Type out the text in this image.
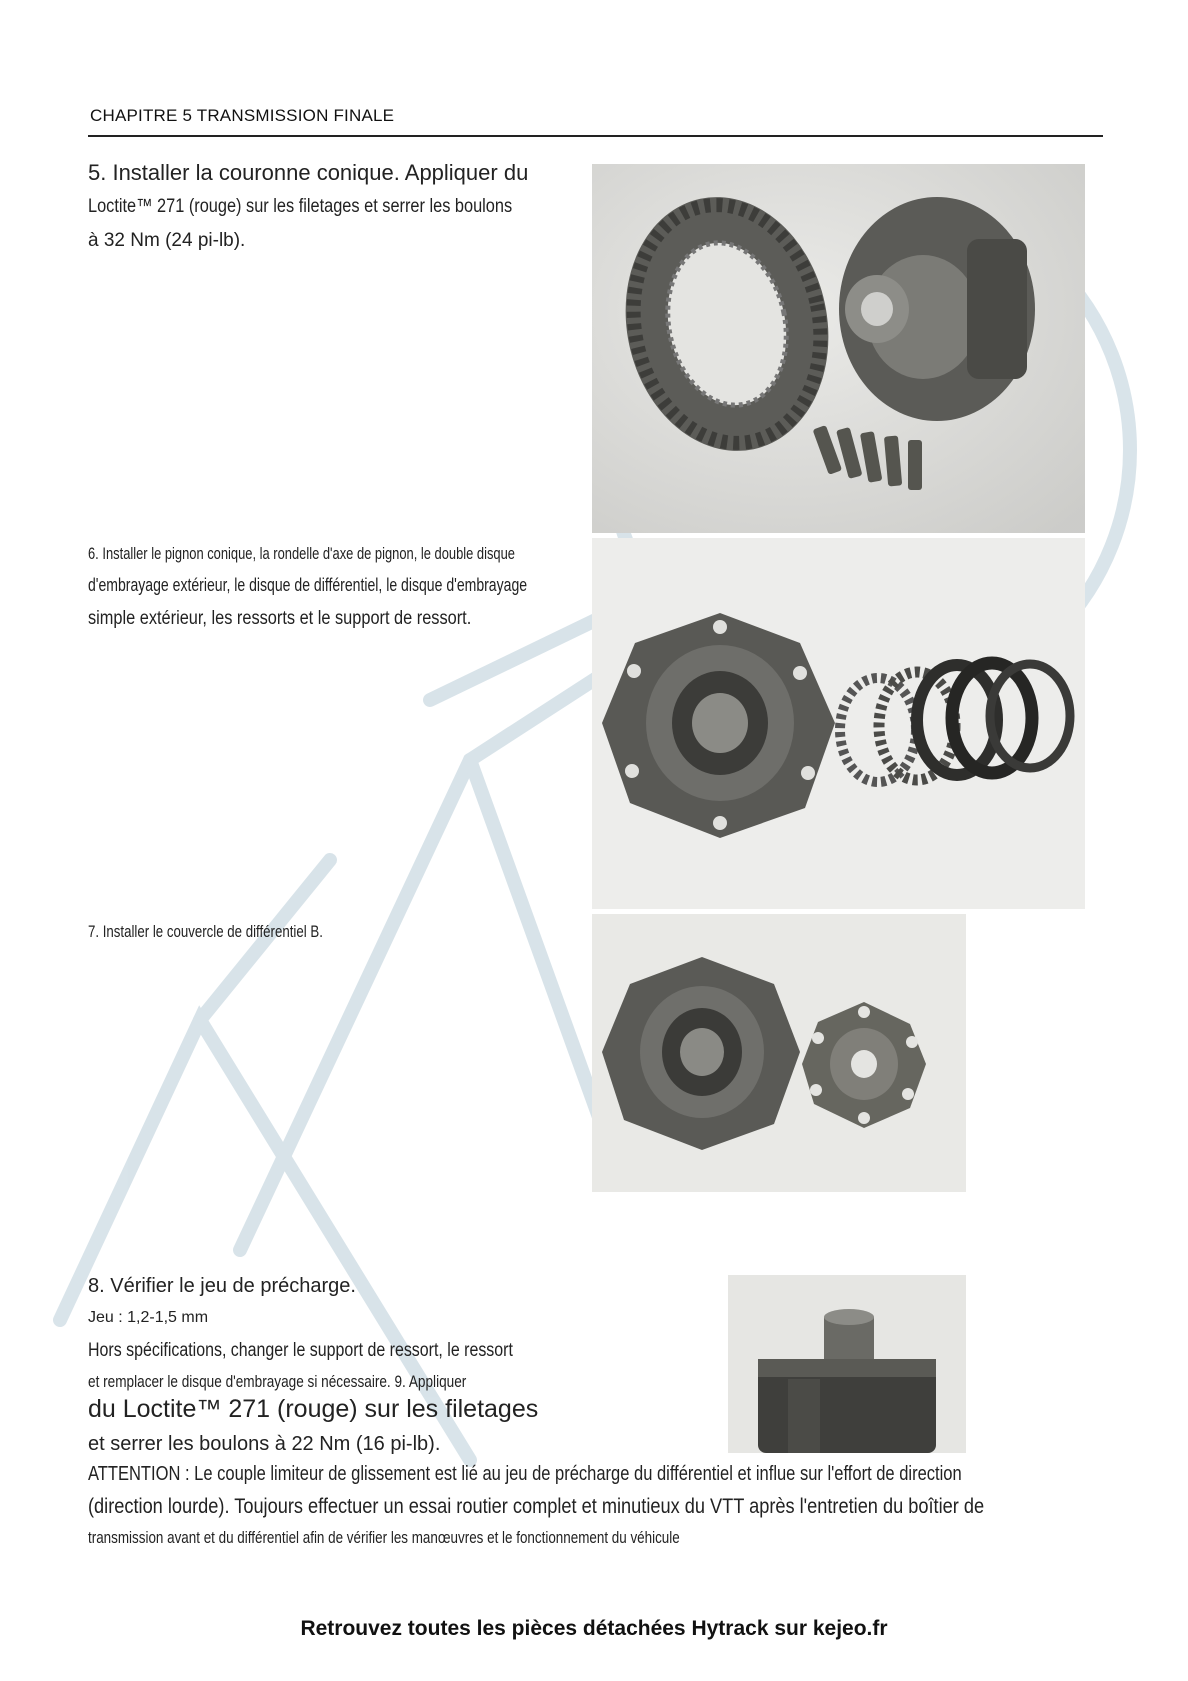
CHAPITRE 5 TRANSMISSION FINALE
5. Installer la couronne conique. Appliquer du
Loctite™ 271 (rouge) sur les filetages et serrer les boulons
à 32 Nm (24 pi-lb).
6. Installer le pignon conique, la rondelle d'axe de pignon, le double disque
d'embrayage extérieur, le disque de différentiel, le disque d'embrayage
simple extérieur, les ressorts et le support de ressort.
7. Installer le couvercle de différentiel B.
8. Vérifier le jeu de précharge.
Jeu : 1,2-1,5 mm
Hors spécifications, changer le support de ressort, le ressort
et remplacer le disque d'embrayage si nécessaire. 9. Appliquer
du Loctite™ 271 (rouge) sur les filetages
et serrer les boulons à 22 Nm (16 pi-lb).
ATTENTION : Le couple limiteur de glissement est lié au jeu de précharge du différentiel et influe sur l'effort de direction
(direction lourde). Toujours effectuer un essai routier complet et minutieux du VTT après l'entretien du boîtier de
transmission avant et du différentiel afin de vérifier les manœuvres et le fonctionnement du véhicule
Retrouvez toutes les pièces détachées Hytrack sur kejeo.fr
